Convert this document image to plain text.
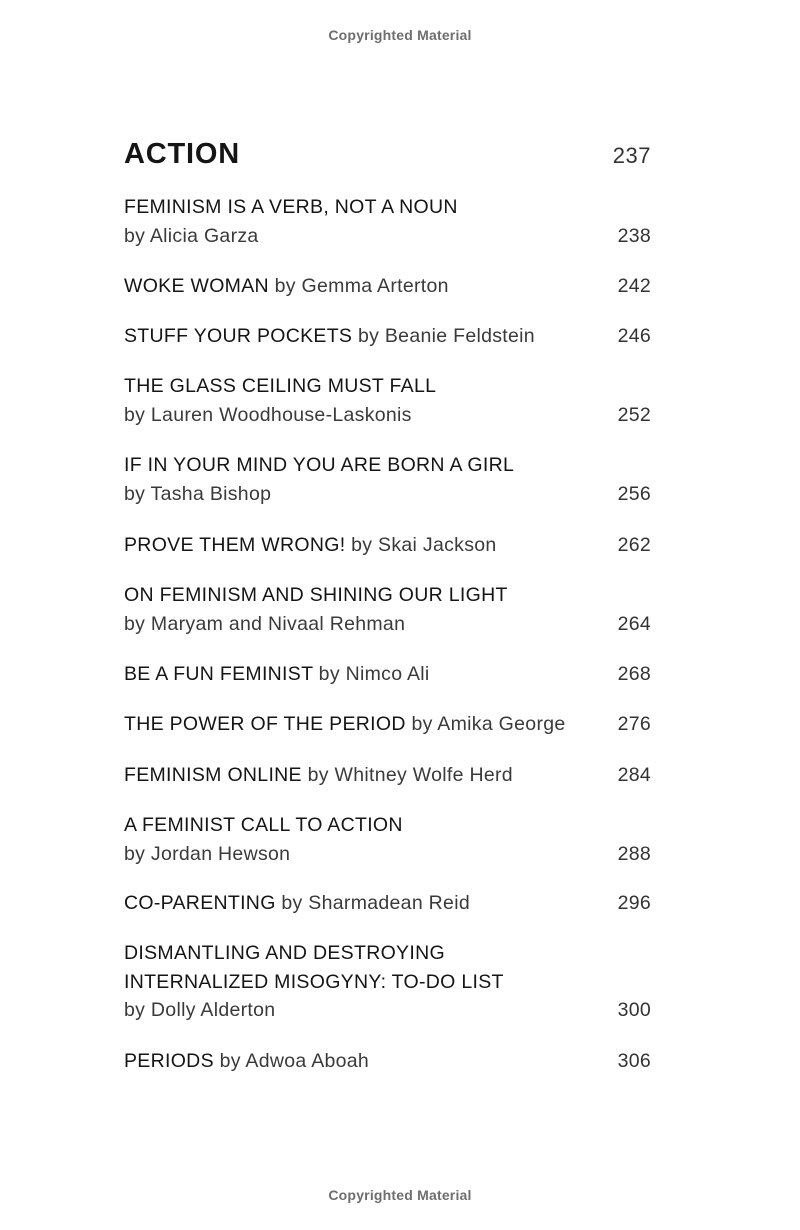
Copyrighted Material
ACTION	237
FEMINISM IS A VERB, NOT A NOUN
by Alicia Garza	238
WOKE WOMAN by Gemma Arterton	242
STUFF YOUR POCKETS by Beanie Feldstein	246
THE GLASS CEILING MUST FALL
by Lauren Woodhouse-Laskonis	252
IF IN YOUR MIND YOU ARE BORN A GIRL
by Tasha Bishop	256
PROVE THEM WRONG! by Skai Jackson	262
ON FEMINISM AND SHINING OUR LIGHT
by Maryam and Nivaal Rehman	264
BE A FUN FEMINIST by Nimco Ali	268
THE POWER OF THE PERIOD by Amika George	276
FEMINISM ONLINE by Whitney Wolfe Herd	284
A FEMINIST CALL TO ACTION
by Jordan Hewson	288
CO-PARENTING by Sharmadean Reid	296
DISMANTLING AND DESTROYING
INTERNALIZED MISOGYNY: TO-DO LIST
by Dolly Alderton	300
PERIODS by Adwoa Aboah	306
Copyrighted Material
